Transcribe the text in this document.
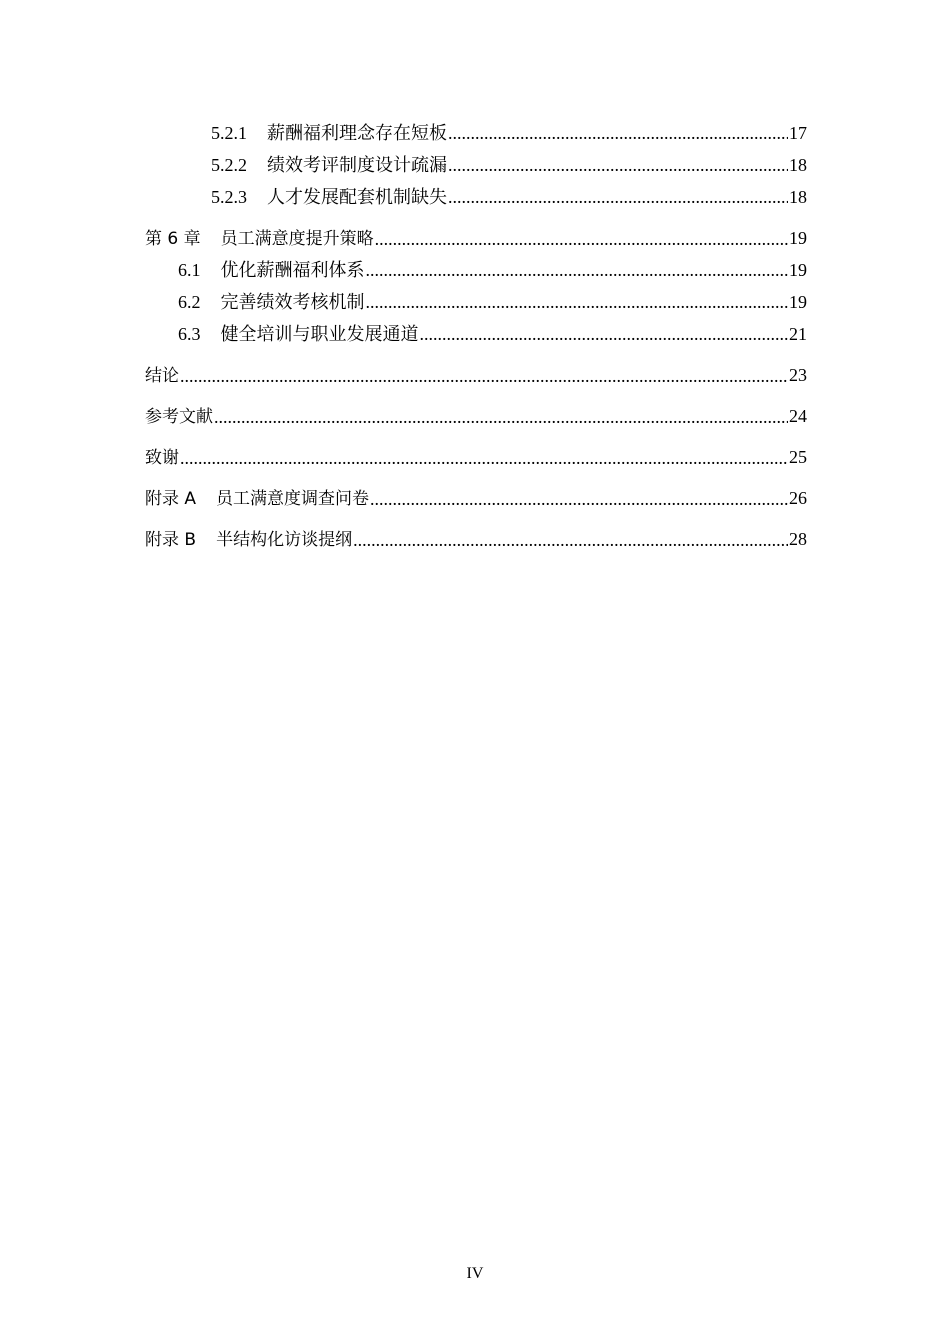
5.2.1 薪酬福利理念存在短板 .....	17
5.2.2 绩效考评制度设计疏漏 .....	18
5.2.3 人才发展配套机制缺失 .....	18
第 6 章 员工满意度提升策略 .....	19
6.1 优化薪酬福利体系 .....	19
6.2 完善绩效考核机制 .....	19
6.3 健全培训与职业发展通道 .....	21
结论 .....	23
参考文献 .....	24
致谢 .....	25
附录 A 员工满意度调查问卷 .....	26
附录 B 半结构化访谈提纲 .....	28
IV
